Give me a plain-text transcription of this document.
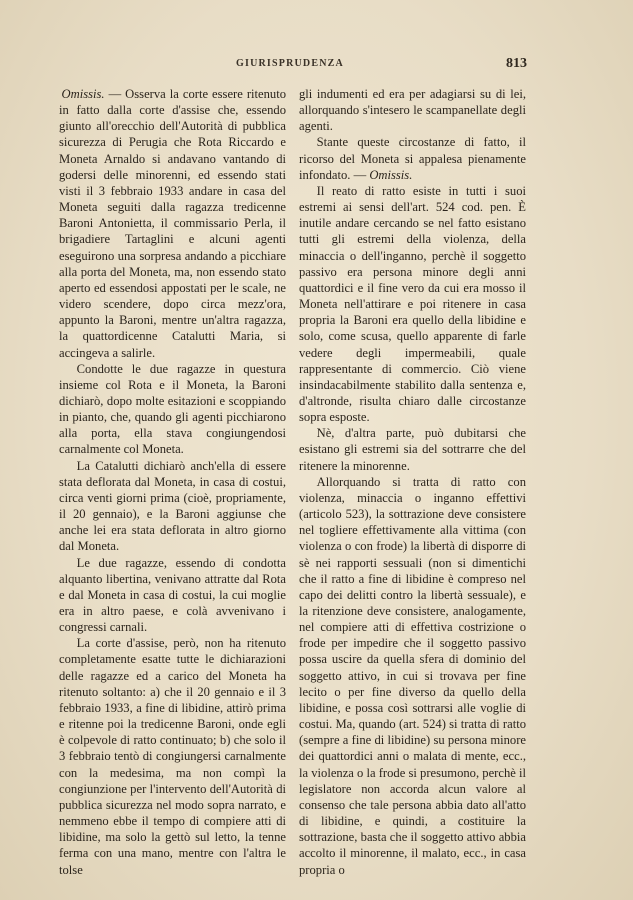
GIURISPRUDENZA	813

Omissis. — Osserva la corte essere ritenuto in fatto dalla corte d'assise che, essendo giunto all'orecchio dell'Autorità di pubblica sicurezza di Perugia che Rota Riccardo e Moneta Arnaldo si andavano vantando di godersi delle minorenni, ed essendo stati visti il 3 febbraio 1933 andare in casa del Moneta seguiti dalla ragazza tredicenne Baroni Antonietta, il commissario Perla, il brigadiere Tartaglini e alcuni agenti eseguirono una sorpresa andando a picchiare alla porta del Moneta, ma, non essendo stato aperto ed essendosi appostati per le scale, ne videro scendere, dopo circa mezz'ora, appunto la Baroni, mentre un'altra ragazza, la quattordicenne Catalutti Maria, si accingeva a salirle.

Condotte le due ragazze in questura insieme col Rota e il Moneta, la Baroni dichiarò, dopo molte esitazioni e scoppiando in pianto, che, quando gli agenti picchiarono alla porta, ella stava congiungendosi carnalmente col Moneta.

La Catalutti dichiarò anch'ella di essere stata deflorata dal Moneta, in casa di costui, circa venti giorni prima (cioè, propriamente, il 20 gennaio), e la Baroni aggiunse che anche lei era stata deflorata in altro giorno dal Moneta.

Le due ragazze, essendo di condotta alquanto libertina, venivano attratte dal Rota e dal Moneta in casa di costui, la cui moglie era in altro paese, e colà avvenivano i congressi carnali.

La corte d'assise, però, non ha ritenuto completamente esatte tutte le dichiarazioni delle ragazze ed a carico del Moneta ha ritenuto soltanto: a) che il 20 gennaio e il 3 febbraio 1933, a fine di libidine, attirò prima e ritenne poi la tredicenne Baroni, onde egli è colpevole di ratto continuato; b) che solo il 3 febbraio tentò di congiungersi carnalmente con la medesima, ma non compì la congiunzione per l'intervento dell'Autorità di pubblica sicurezza nel modo sopra narrato, e nemmeno ebbe il tempo di compiere atti di libidine, ma solo la gettò sul letto, la tenne ferma con una mano, mentre con l'altra le tolse

gli indumenti ed era per adagiarsi su di lei, allorquando s'intesero le scampanellate degli agenti.

Stante queste circostanze di fatto, il ricorso del Moneta si appalesa pienamente infondato. — Omissis.

Il reato di ratto esiste in tutti i suoi estremi ai sensi dell'art. 524 cod. pen. È inutile andare cercando se nel fatto esistano tutti gli estremi della violenza, della minaccia o dell'inganno, perchè il soggetto passivo era persona minore degli anni quattordici e il fine vero da cui era mosso il Moneta nell'attirare e poi ritenere in casa propria la Baroni era quello della libidine e solo, come scusa, quello apparente di farle vedere degli impermeabili, quale rappresentante di commercio. Ciò viene insindacabilmente stabilito dalla sentenza e, d'altronde, risulta chiaro dalle circostanze sopra esposte.

Nè, d'altra parte, può dubitarsi che esistano gli estremi sia del sottrarre che del ritenere la minorenne.

Allorquando si tratta di ratto con violenza, minaccia o inganno effettivi (articolo 523), la sottrazione deve consistere nel togliere effettivamente alla vittima (con violenza o con frode) la libertà di disporre di sè nei rapporti sessuali (non si dimentichi che il ratto a fine di libidine è compreso nel capo dei delitti contro la libertà sessuale), e la ritenzione deve consistere, analogamente, nel compiere atti di effettiva costrizione o frode per impedire che il soggetto passivo possa uscire da quella sfera di dominio del soggetto attivo, in cui si trovava per fine lecito o per fine diverso da quello della libidine, e possa così sottrarsi alle voglie di costui. Ma, quando (art. 524) si tratta di ratto (sempre a fine di libidine) su persona minore dei quattordici anni o malata di mente, ecc., la violenza o la frode si presumono, perchè il legislatore non accorda alcun valore al consenso che tale persona abbia dato all'atto di libidine, e quindi, a costituire la sottrazione, basta che il soggetto attivo abbia accolto il minorenne, il malato, ecc., in casa propria o
